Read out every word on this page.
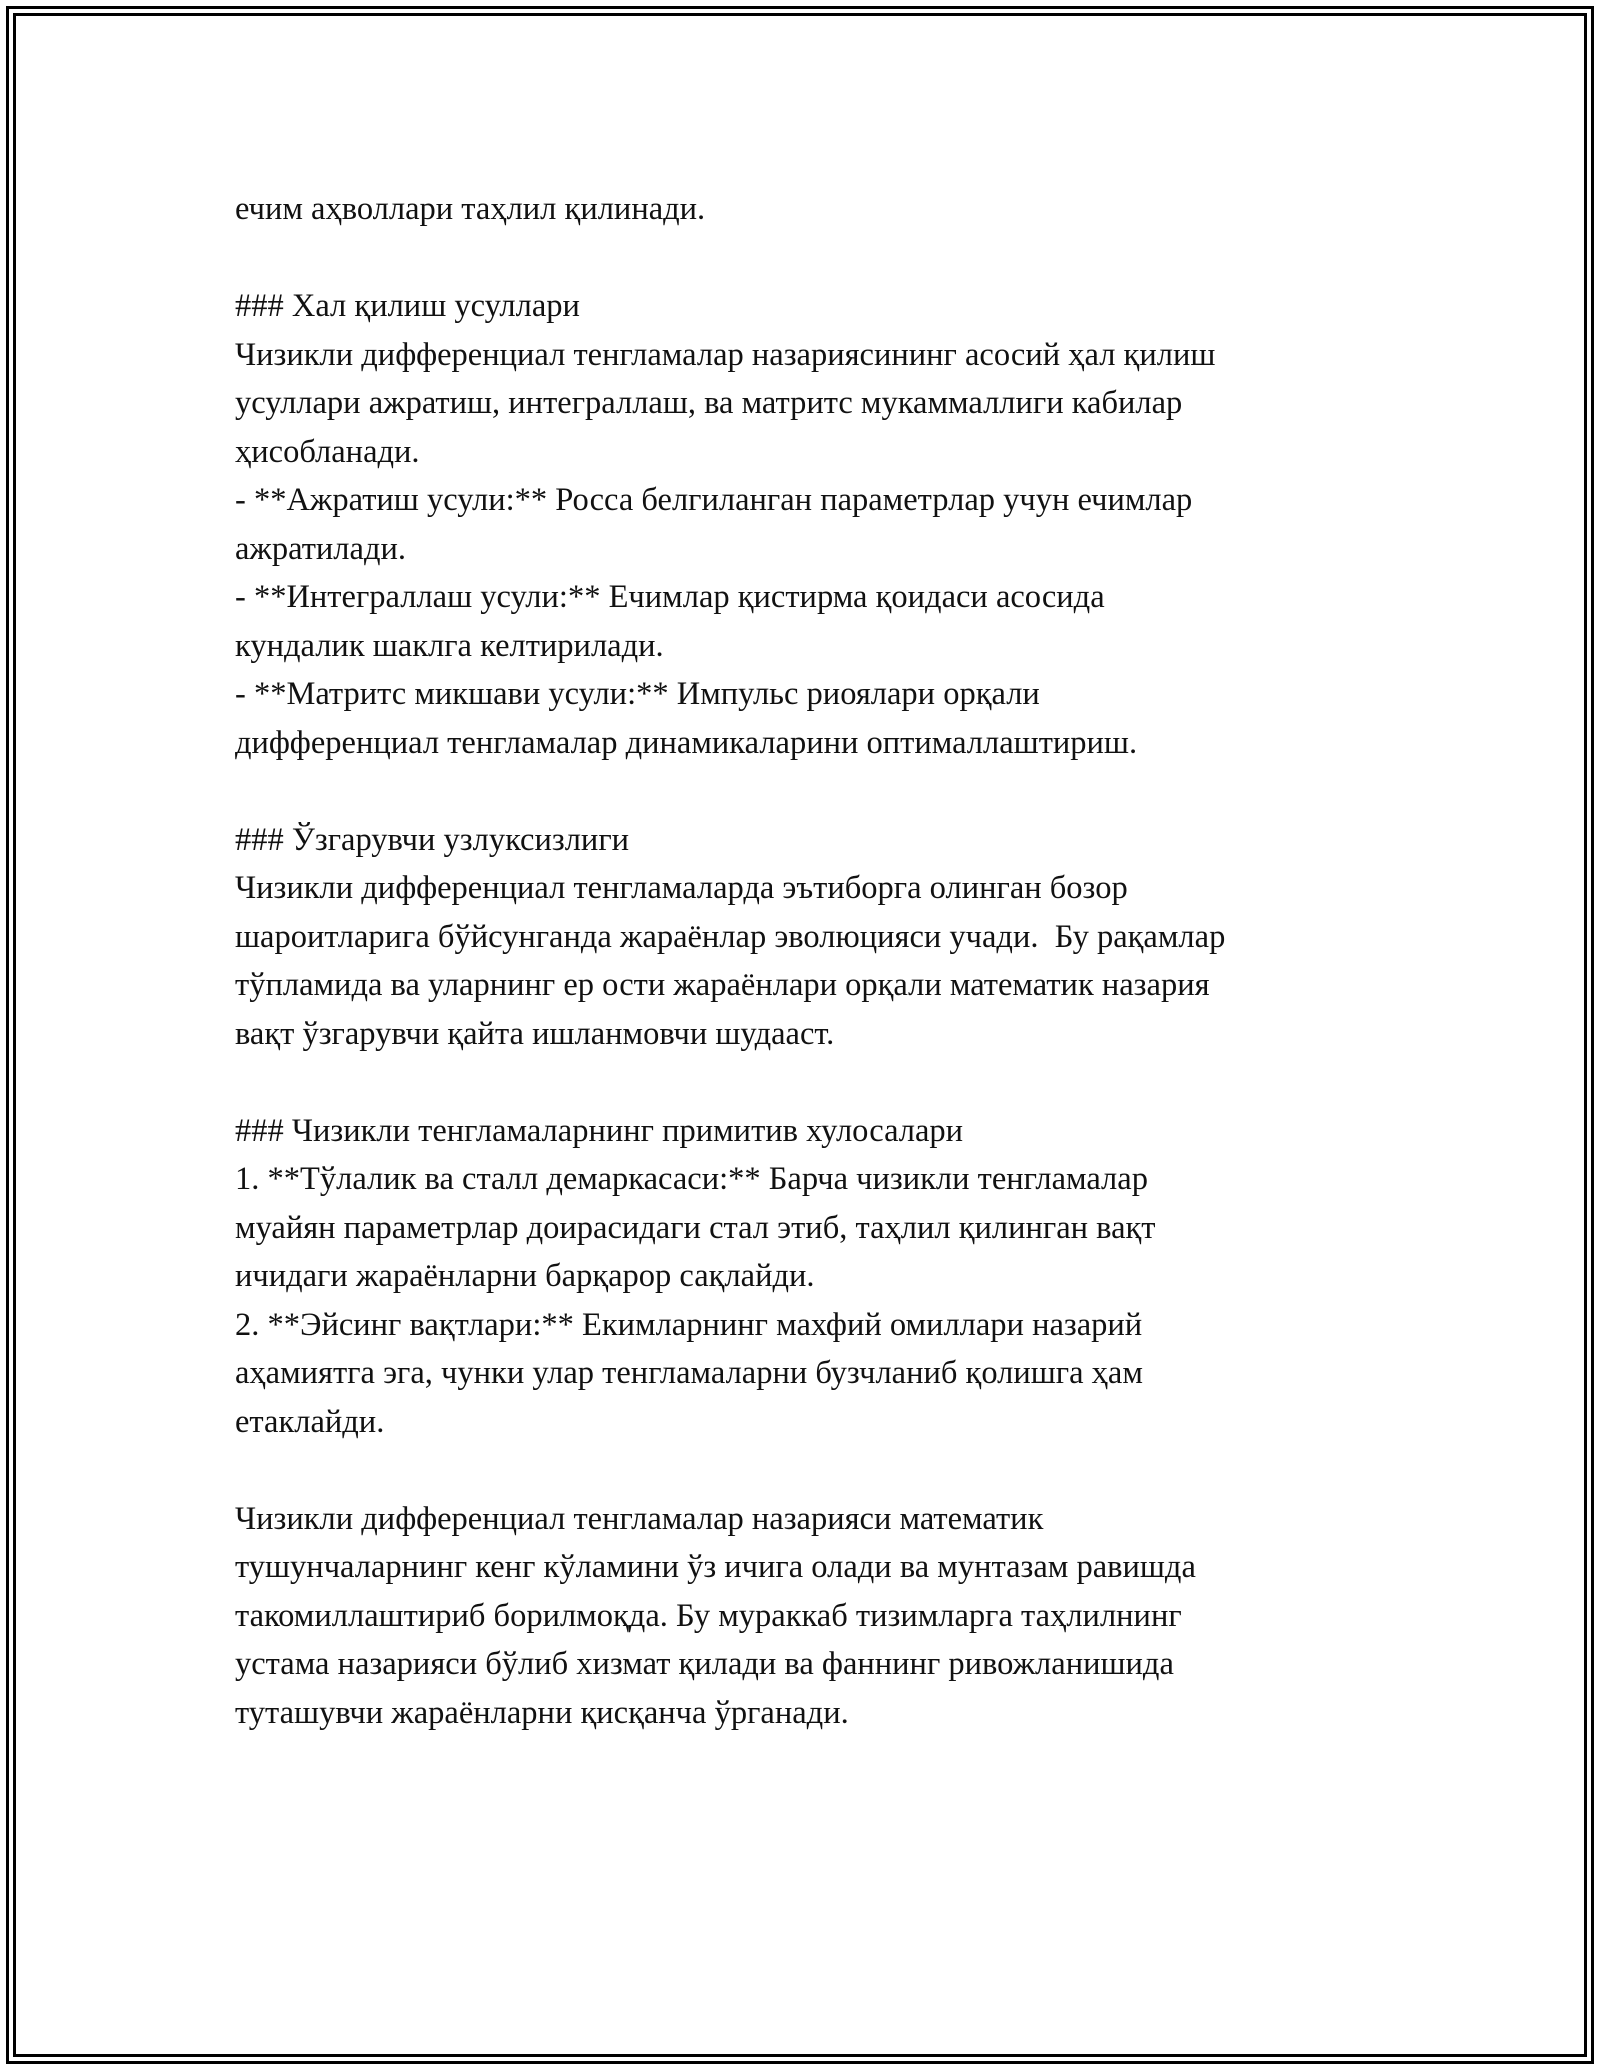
ечим аҳволлари таҳлил қилинади.
### Хал қилиш усуллари
Чизикли дифференциал тенгламалар назариясининг асосий ҳал қилиш
усуллари ажратиш, интеграллаш, ва матритс мукаммаллиги кабилар
ҳисобланади.
- **Ажратиш усули:** Росса белгиланган параметрлар учун ечимлар
ажратилади.
- **Интеграллаш усули:** Ечимлар қистирма қоидаси асосида
кундалик шаклга келтирилади.
- **Матритс микшави усули:** Импульс риоялари орқали
дифференциал тенгламалар динамикаларини оптималлаштириш.
### Ўзгарувчи узлуксизлиги
Чизикли дифференциал тенгламаларда эътиборга олинган бозор
шароитларига бўйсунганда жараёнлар эволюцияси учади.  Бу рақамлар
тўпламида ва уларнинг ер ости жараёнлари орқали математик назария
вақт ўзгарувчи қайта ишланмовчи шудааст.
### Чизикли тенгламаларнинг примитив хулосалари
1. **Тўлалик ва сталл демаркасаси:** Барча чизикли тенгламалар
муайян параметрлар доирасидаги стал этиб, таҳлил қилинган вақт
ичидаги жараёнларни барқарор сақлайди.
2. **Эйсинг вақтлари:** Екимларнинг махфий омиллари назарий
аҳамиятга эга, чунки улар тенгламаларни бузчланиб қолишга ҳам
етаклайди.
Чизикли дифференциал тенгламалар назарияси математик
тушунчаларнинг кенг кўламини ўз ичига олади ва мунтазам равишда
такомиллаштириб борилмоқда. Бу мураккаб тизимларга таҳлилнинг
устама назарияси бўлиб хизмат қилади ва фаннинг ривожланишида
туташувчи жараёнларни қисқанча ўрганади.
